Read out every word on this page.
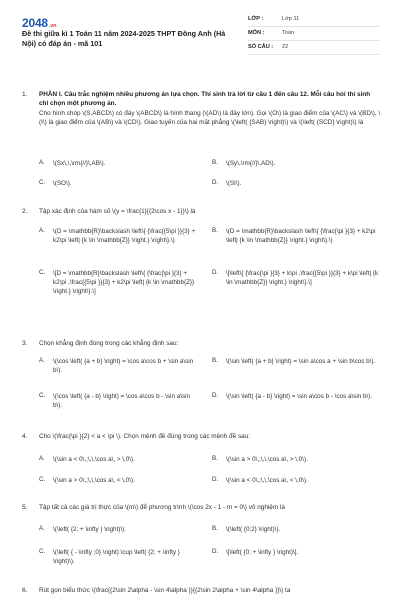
2048.vn
Đề thi giữa kì 1 Toán 11 năm 2024-2025 THPT Đông Anh (Hà Nội) có đáp án - mã 101
LỚP :	Lớp 11
MÔN :	Toán
SỐ CÂU :	22
1. PHẦN I. Câu trắc nghiệm nhiều phương án lựa chọn. Thí sinh trả lời từ câu 1 đến câu 12. Mỗi câu hỏi thí sinh chỉ chọn một phương án.
Cho hình chóp \(S.ABCD\) có đáy \(ABCD\) là hình thang (\(AD\) là đáy lớn). Gọi \(O\) là giao điểm của \(AC\) và \(BD\), \(I\) là giao điểm của \(AB\) và \(CD\). Giao tuyến của hai mặt phẳng \(\left( {SAB} \right)\) và \(\left( {SCD} \right)\) là
A.	\(Sx\,\,\rm{//}\,AB\).	B.	\(Sy\,\rm{//}\,AD\).
C.	\(SO\).	D.	\(SI\).
2. Tập xác định của hàm số \(y = \frac{1}{{2\cos x - 1}}\) là
A.	\(D = \mathbb{R}\backslash \left\{ {\frac{{5\pi }}{3} + k2\pi \left| {k \in \mathbb{Z}} \right.} \right\}.\)
B.	\(D = \mathbb{R}\backslash \left\{ {\frac{\pi }{3} + k2\pi \left| {k \in \mathbb{Z}} \right.} \right\}.\)
C.	\[D = \mathbb{R}\backslash \left\{ {\frac{\pi }{3} + k2\pi ,\frac{{5\pi }}{3} + k2\pi \left| {k \in \mathbb{Z}} \right.} \right\}.\]
D.	\[\left\{ {\frac{\pi }{3} + k\pi ,\frac{{5\pi }}{3} + k\pi \left| {k \in \mathbb{Z}} \right.} \right\}.\]
3. Chọn khẳng định đúng trong các khẳng định sau:
A.	\(\cos \left( {a + b} \right) = \cos a\cos b + \sin a\sin b\).
B.	\(\sin \left( {a + b} \right) = \sin a\cos a + \sin b\cos b\).
C.	\(\cos \left( {a - b} \right) = \cos a\cos b - \sin a\sin b\).
D.	\(\sin \left( {a - b} \right) = \sin a\cos b - \cos a\sin b\).
4. Cho \(\frac{\pi }{2} < a < \pi \). Chọn mệnh đề đúng trong các mệnh đề sau:
A.	\(\sin a < 0\,;\,\,\cos a\, > \,0\).	B.	\(\sin a > 0\,;\,\,\cos a\, > \,0\).
C.	\(\sin a > 0\,;\,\,\cos a\, < \,0\).	D.	\(\sin a < 0\,;\,\,\cos a\, < \,0\).
5. Tập tất cả các giá trị thực của \(m\) để phương trình \(\cos 2x - 1 - m = 0\) vô nghiệm là
A.	\(\left( {2; + \infty } \right)\).	B.	\(\left( {0;2} \right)\).
C.	\(\left( { - \infty ;0} \right) \cup \left( {2; + \infty } \right)\).
D.	\[\left( {0; + \infty } \right)\].
6. Rút gọn biểu thức \(\frac{{2\sin 2\alpha - \sin 4\alpha }}{{2\sin 2\alpha + \sin 4\alpha }}\) ta
